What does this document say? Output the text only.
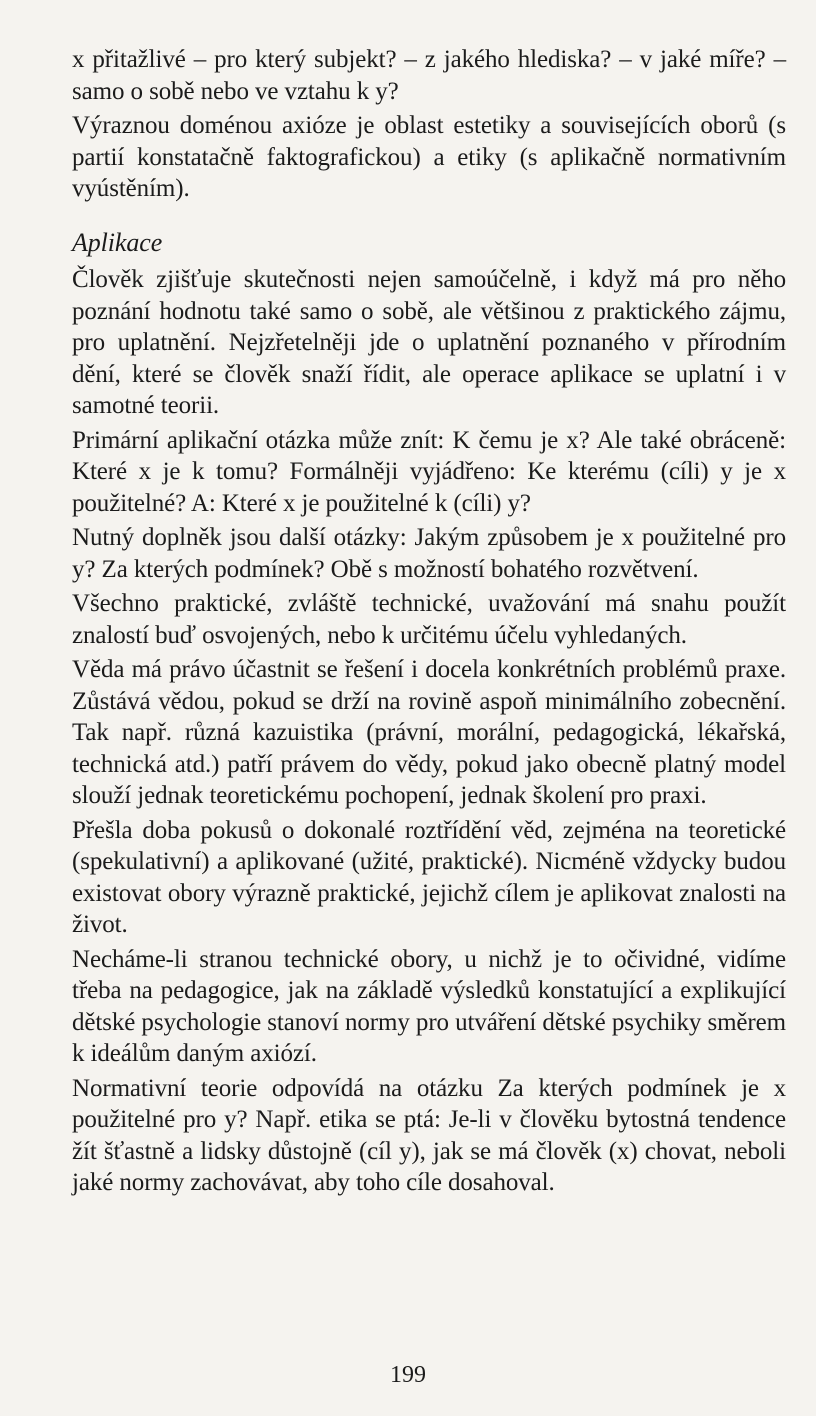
x přitažlivé – pro který subjekt? – z jakého hlediska? – v jaké míře? – samo o sobě nebo ve vztahu k y?

Výraznou doménou axiózе je oblast estetiky a souvisejících oborů (s partií konstatačně faktografickou) a etiky (s aplikačně normativním vyústěním).

Aplikace

Člověk zjišťuje skutečnosti nejen samoúčelně, i když má pro něho poznání hodnotu také samo o sobě, ale většinou z praktického zájmu, pro uplatnění. Nejzřetelněji jde o uplatnění poznaného v přírodním dění, které se člověk snaží řídit, ale operace aplikace se uplatní i v samotné teorii.

Primární aplikační otázka může znít: K čemu je x? Ale také obráceně: Které x je k tomu? Formálněji vyjádřeno: Ke kterému (cíli) y je x použitelné? A: Které x je použitelné k (cíli) y?

Nutný doplněk jsou další otázky: Jakým způsobem je x použitelné pro y? Za kterých podmínek? Obě s možností bohatého rozvětvení.

Všechno praktické, zvláště technické, uvažování má snahu použít znalostí buď osvojených, nebo k určitému účelu vyhledaných.

Věda má právo účastnit se řešení i docela konkrétních problémů praxe. Zůstává vědou, pokud se drží na rovině aspoň minimálního zobecnění. Tak např. různá kazuistika (právní, morální, pedagogická, lékařská, technická atd.) patří právem do vědy, pokud jako obecně platný model slouží jednak teoretickému pochopení, jednak školení pro praxi.

Přešla doba pokusů o dokonalé roztřídění věd, zejména na teoretické (spekulativní) a aplikované (užité, praktické). Nicméně vždycky budou existovat obory výrazně praktické, jejichž cílem je aplikovat znalosti na život.

Necháme-li stranou technické obory, u nichž je to očividné, vidíme třeba na pedagogice, jak na základě výsledků konstatující a explikující dětské psychologie stanoví normy pro utváření dětské psychiky směrem k ideálům daným axiózí.

Normativní teorie odpovídá na otázku Za kterých podmínek je x použitelné pro y? Např. etika se ptá: Je-li v člověku bytostná tendence žít šťastně a lidsky důstojně (cíl y), jak se má člověk (x) chovat, neboli jaké normy zachovávat, aby toho cíle dosahoval.

199
